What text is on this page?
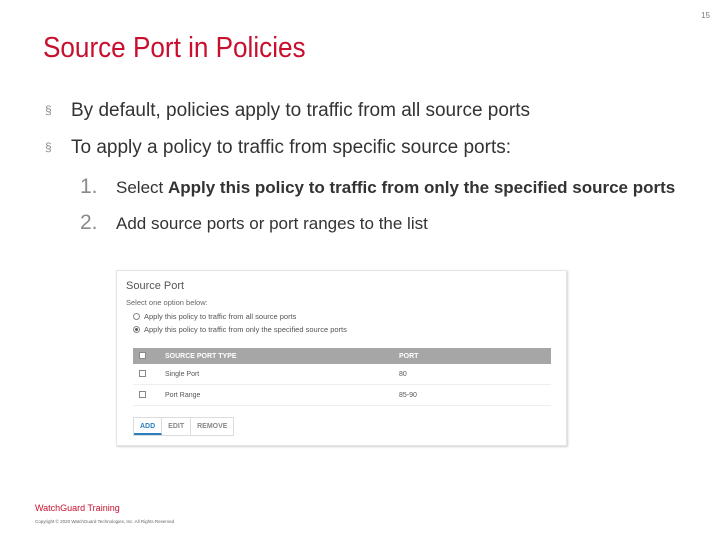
15
Source Port in Policies
§ By default, policies apply to traffic from all source ports
§ To apply a policy to traffic from specific source ports:
1. Select Apply this policy to traffic from only the specified source ports
2. Add source ports or port ranges to the list
Source Port
Select one option below:
Apply this policy to traffic from all source ports
Apply this policy to traffic from only the specified source ports
	SOURCE PORT TYPE	PORT
	Single Port	80
	Port Range	85-90
ADD	EDIT	REMOVE
WatchGuard Training
Copyright © 2020 WatchGuard Technologies, Inc. All Rights Reserved
